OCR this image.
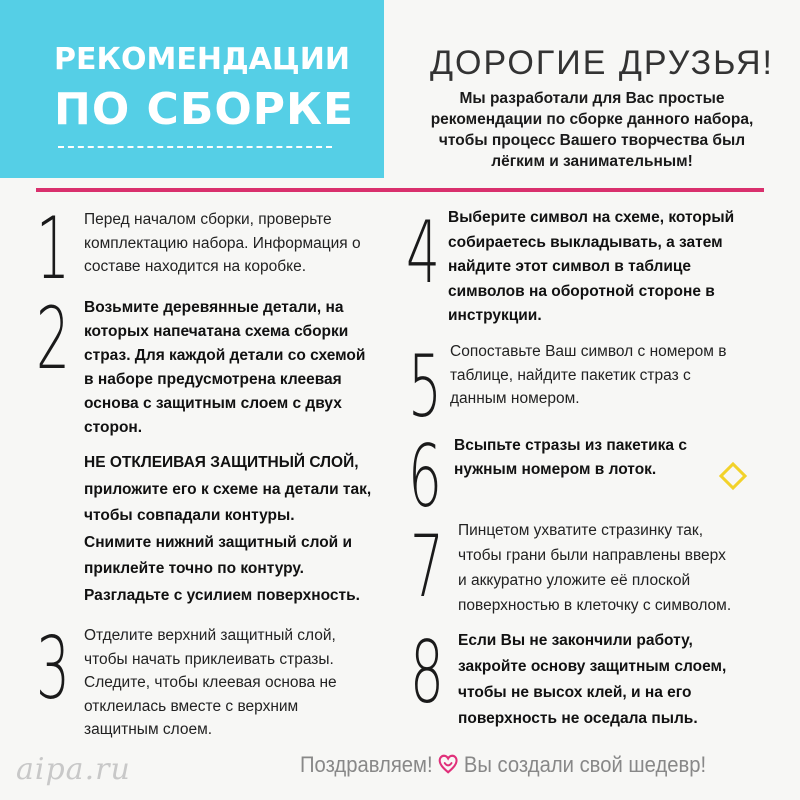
РЕКОМЕНДАЦИИ
ПО СБОРКЕ
ДОРОГИЕ ДРУЗЬЯ!
Мы разработали для Вас простые
рекомендации по сборке данного набора,
чтобы процесс Вашего творчества был
лёгким и занимательным!
1 Перед началом сборки, проверьте
комплектацию набора. Информация о
составе находится на коробке.
2 Возьмите деревянные детали, на
которых напечатана схема сборки
страз. Для каждой детали со схемой
в наборе предусмотрена клеевая
основа с защитным слоем с двух
сторон.
НЕ ОТКЛЕИВАЯ ЗАЩИТНЫЙ СЛОЙ,
приложите его к схеме на детали так,
чтобы совпадали контуры.
Снимите нижний защитный слой и
приклейте точно по контуру.
Разгладьте с усилием поверхность.
3 Отделите верхний защитный слой,
чтобы начать приклеивать стразы.
Следите, чтобы клеевая основа не
отклеилась вместе с верхним
защитным слоем.
4 Выберите символ на схеме, который
собираетесь выкладывать, а затем
найдите этот символ в таблице
символов на оборотной стороне в
инструкции.
5 Сопоставьте Ваш символ с номером в
таблице, найдите пакетик страз с
данным номером.
6 Всыпьте стразы из пакетика с
нужным номером в лоток.
7 Пинцетом ухватите стразинку так,
чтобы грани были направлены вверх
и аккуратно уложите её плоской
поверхностью в клеточку с символом.
8 Если Вы не закончили работу,
закройте основу защитным слоем,
чтобы не высох клей, и на его
поверхность не оседала пыль.
aipa.ru	Поздравляем! Вы создали свой шедевр!
